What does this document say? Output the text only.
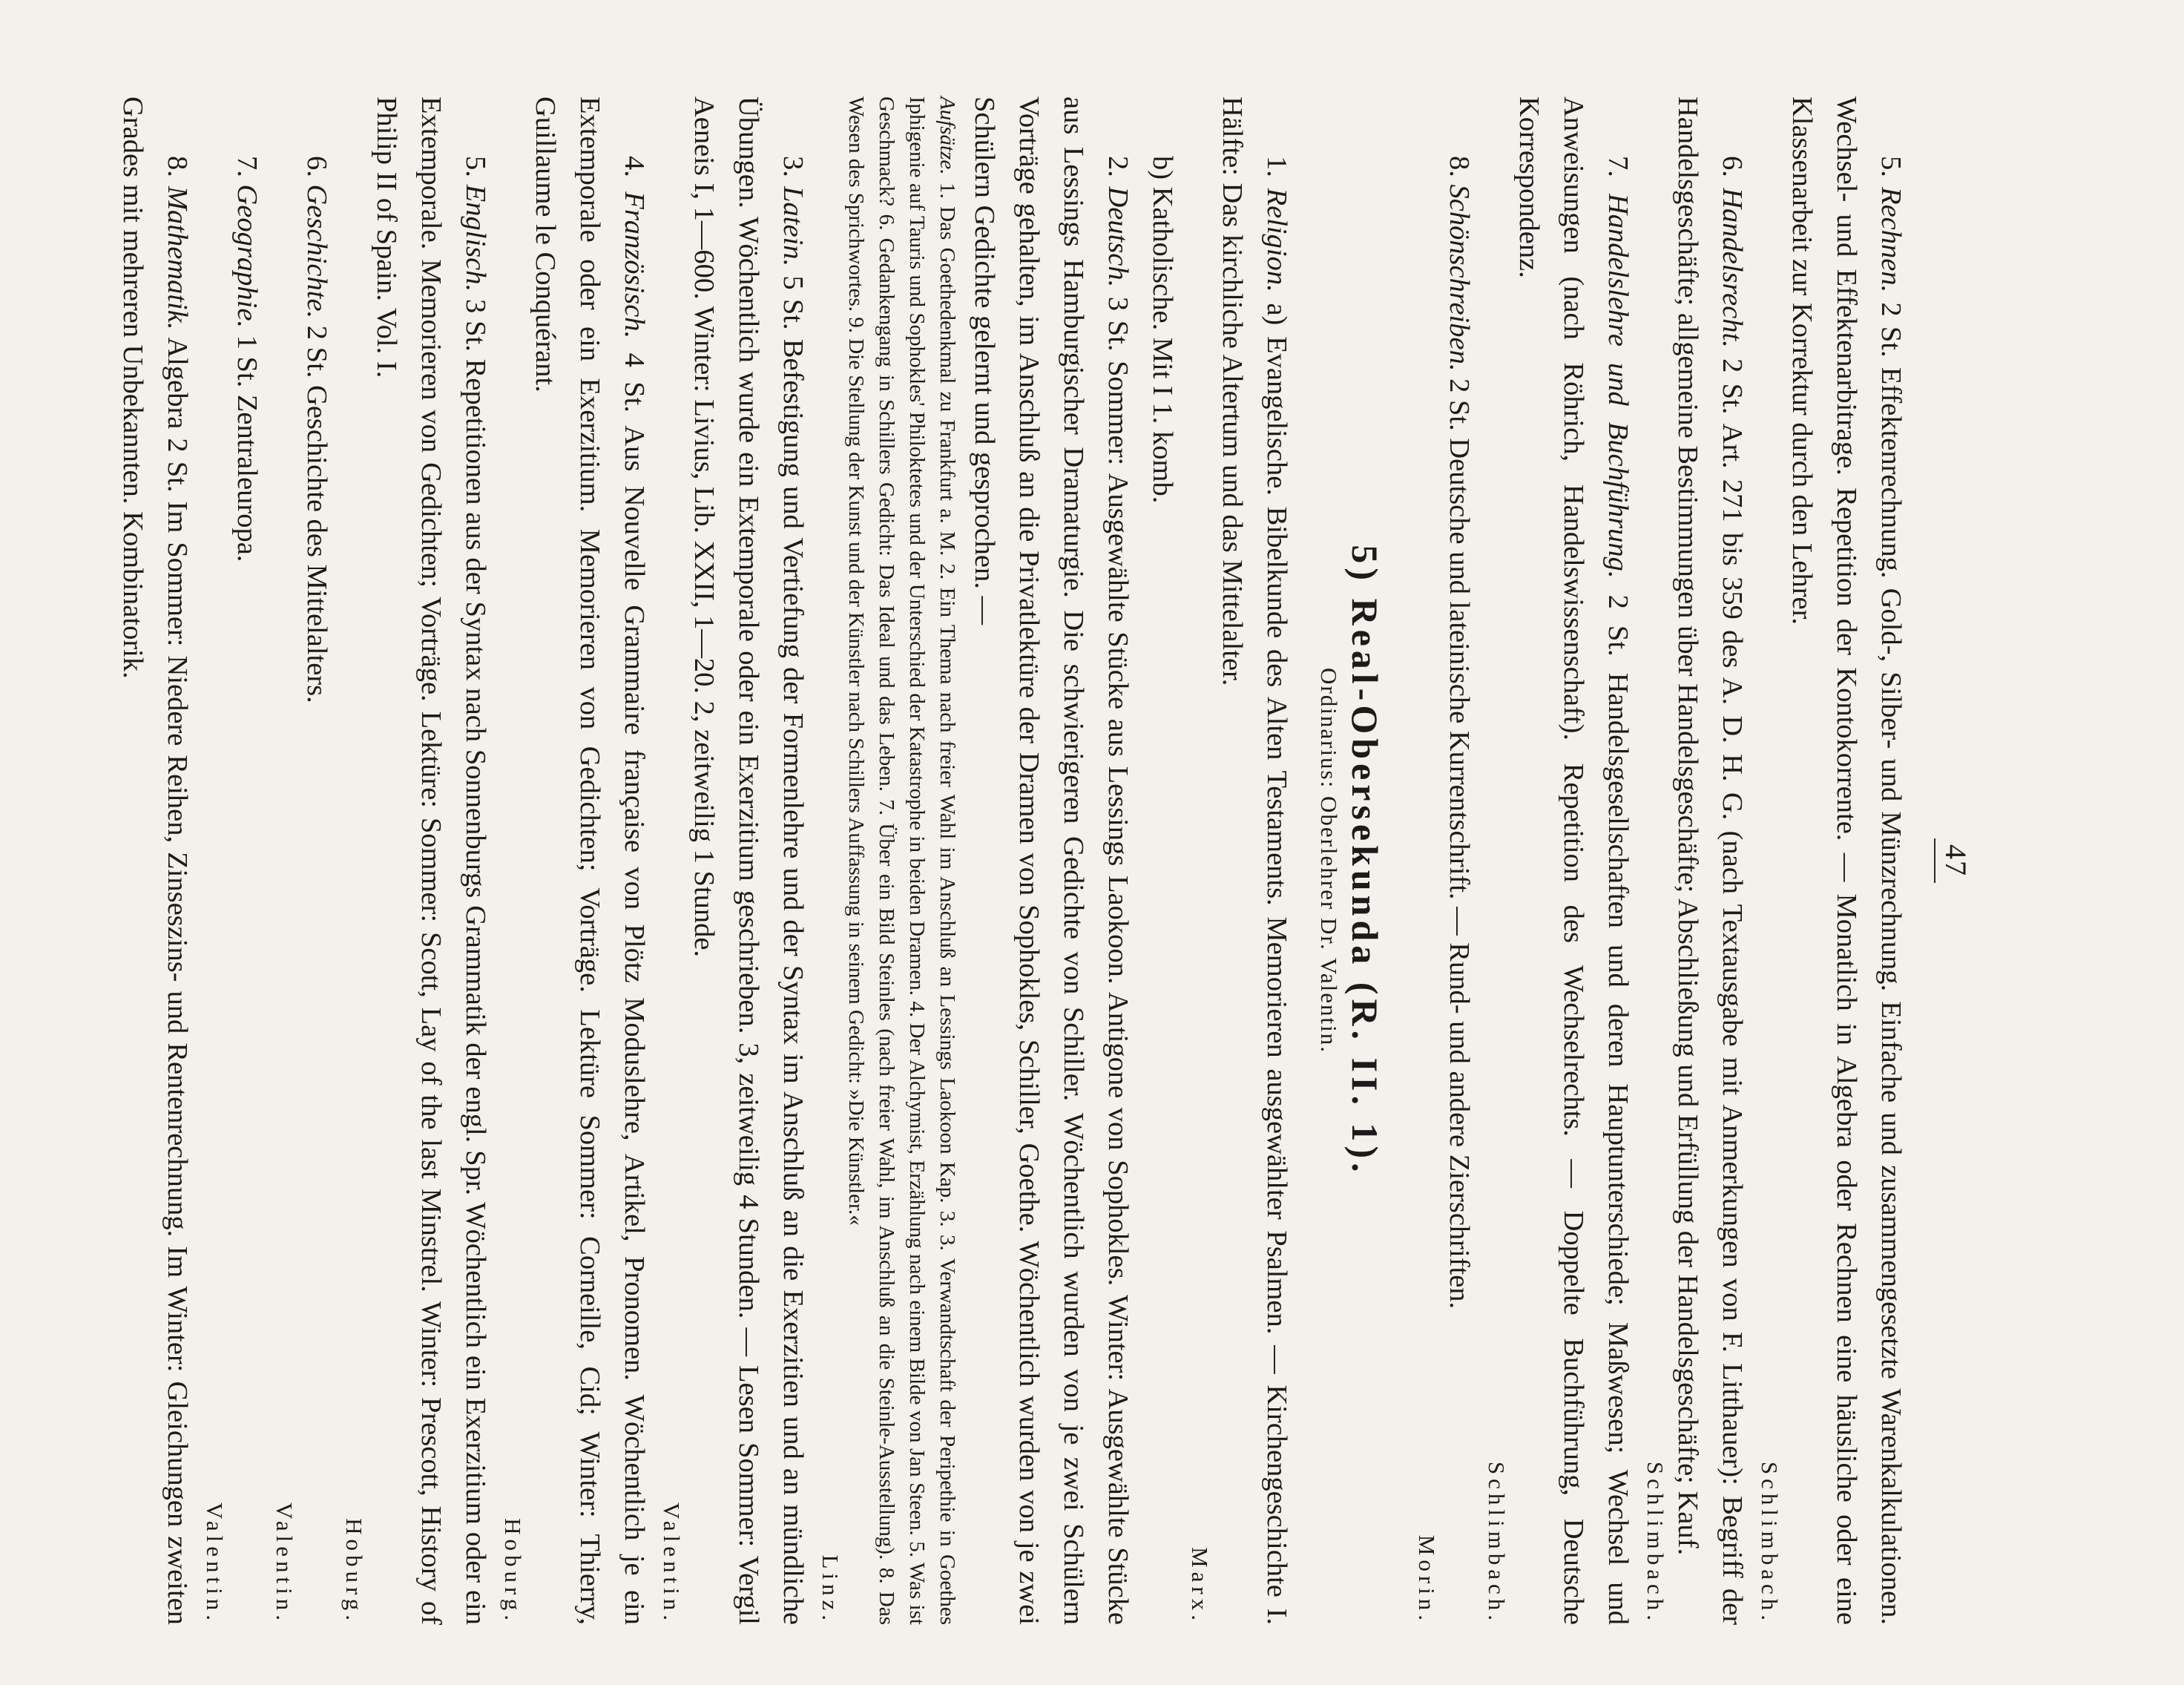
47

5. Rechnen. 2 St. Effektenrechnung. Gold-, Silber- und Münzrechnung. Einfache und zusammengesetzte Warenkalkulationen. Wechsel- und Effektenarbitrage. Repetition der Kontokorrente. — Monatlich in Algebra oder Rechnen eine häusliche oder eine Klassenarbeit zur Korrektur durch den Lehrer.

Schlimbach.

6. Handelsrecht. 2 St. Art. 271 bis 359 des A. D. H. G. (nach Textausgabe mit Anmerkungen von F. Litthauer): Begriff der Handelsgeschäfte; allgemeine Bestimmungen über Handelsgeschäfte; Abschließung und Erfüllung der Handelsgeschäfte; Kauf.

Schlimbach.

7. Handelslehre und Buchführung. 2 St. Handelsgesellschaften und deren Hauptunterschiede; Maßwesen; Wechsel und Anweisungen (nach Röhrich, Handelswissenschaft). Repetition des Wechselrechts. — Doppelte Buchführung, Deutsche Korrespondenz.

Schlimbach.

8. Schönschreiben. 2 St. Deutsche und lateinische Kurrentschrift. — Rund- und andere Zierschriften.

Morin.
5) Real-Obersekunda (R. II. 1).
Ordinarius: Oberlehrer Dr. Valentin.

1. Religion. a) Evangelische. Bibelkunde des Alten Testaments. Memorieren ausgewählter Psalmen. — Kirchengeschichte I. Hälfte: Das kirchliche Altertum und das Mittelalter.

Marx.

b) Katholische. Mit I 1. komb.

2. Deutsch. 3 St. Sommer: Ausgewählte Stücke aus Lessings Laokoon. Antigone von Sophokles. Winter: Ausgewählte Stücke aus Lessings Hamburgischer Dramaturgie. Die schwierigeren Gedichte von Schiller. Wöchentlich wurden von je zwei Schülern Vorträge gehalten, im Anschluß an die Privatlektüre der Dramen von Sophokles, Schiller, Goethe. Wöchentlich wurden von je zwei Schülern Gedichte gelernt und gesprochen. —

Aufsätze. 1. Das Goethedenkmal zu Frankfurt a. M. 2. Ein Thema nach freier Wahl im Anschluß an Lessings Laokoon Kap. 3. 3. Verwandtschaft der Peripethie in Goethes Iphigenie auf Tauris und Sophokles' Philoktetes und der Unterschied der Katastrophe in beiden Dramen. 4. Der Alchymist, Erzählung nach einem Bilde von Jan Steen. 5. Was ist Geschmack? 6. Gedankengang in Schillers Gedicht: Das Ideal und das Leben. 7. Über ein Bild Steinles (nach freier Wahl, im Anschluß an die Steinle-Ausstellung). 8. Das Wesen des Sprichwortes. 9. Die Stellung der Kunst und der Künstler nach Schillers Auffassung in seinem Gedicht: »Die Künstler.«

Linz.

3. Latein. 5 St. Befestigung und Vertiefung der Formenlehre und der Syntax im Anschluß an die Exerzitien und an mündliche Übungen. Wöchentlich wurde ein Extemporale oder ein Exerzitium geschrieben. 3, zeitweilig 4 Stunden. — Lesen Sommer: Vergil Aeneis I, 1—600. Winter: Livius, Lib. XXII, 1—20. 2, zeitweilig 1 Stunde.

Valentin.

4. Französisch. 4 St. Aus Nouvelle Grammaire française von Plötz Moduslehre, Artikel, Pronomen. Wöchentlich je ein Extemporale oder ein Exerzitium. Memorieren von Gedichten; Vorträge. Lektüre Sommer: Corneille, Cid; Winter: Thierry, Guillaume le Conquérant.

Hoburg.

5. Englisch. 3 St. Repetitionen aus der Syntax nach Sonnenburgs Grammatik der engl. Spr. Wöchentlich ein Exerzitium oder ein Extemporale. Memorieren von Gedichten; Vorträge. Lektüre: Sommer: Scott, Lay of the last Minstrel. Winter: Prescott, History of Philip II of Spain. Vol. I.

Hoburg.

6. Geschichte. 2 St. Geschichte des Mittelalters.

Valentin.

7. Geographie. 1 St. Zentraleuropa.

Valentin.

8. Mathematik. Algebra 2 St. Im Sommer: Niedere Reihen, Zinseszins- und Rentenrechnung. Im Winter: Gleichungen zweiten Grades mit mehreren Unbekannten. Kombinatorik.
